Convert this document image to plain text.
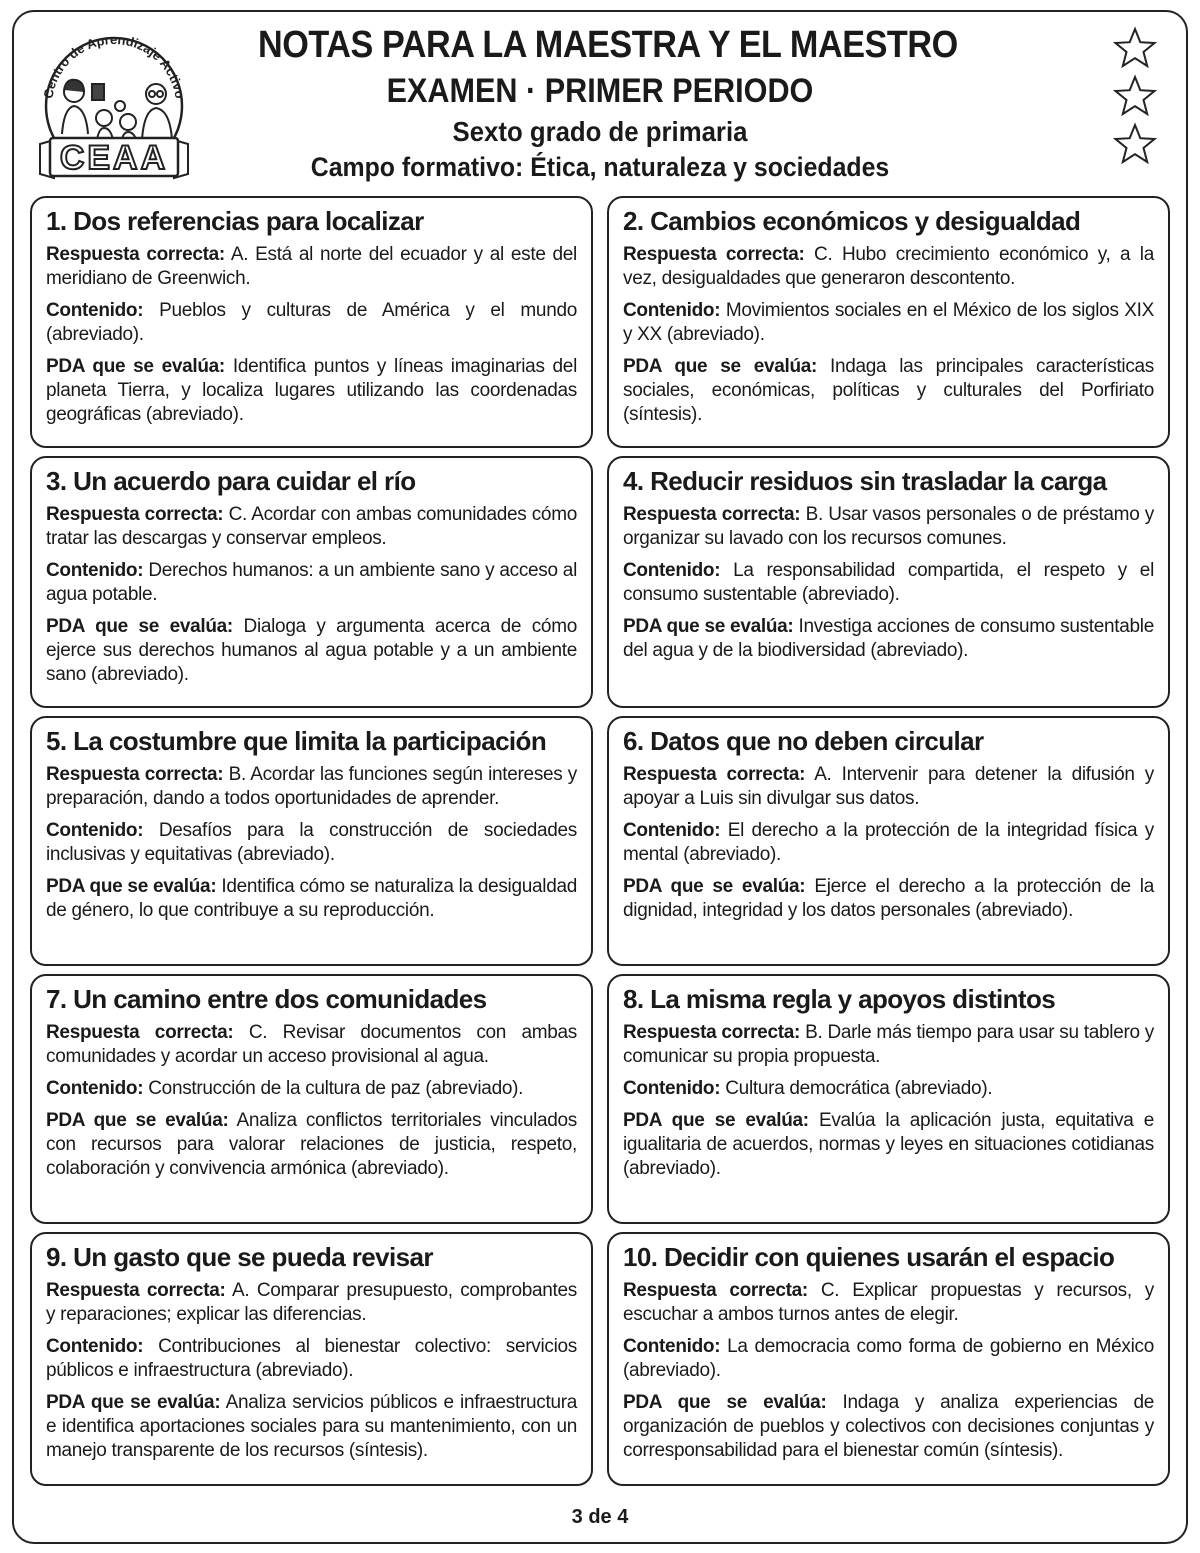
Centro de Aprendizaje Activo
CEAA
NOTAS PARA LA MAESTRA Y EL MAESTRO
EXAMEN · PRIMER PERIODO
Sexto grado de primaria
Campo formativo: Ética, naturaleza y sociedades
1. Dos referencias para localizar
Respuesta correcta: A. Está al norte del ecuador y al este del meridiano de Greenwich.
Contenido: Pueblos y culturas de América y el mundo (abreviado).
PDA que se evalúa: Identifica puntos y líneas imaginarias del planeta Tierra, y localiza lugares utilizando las coordenadas geográficas (abreviado).
2. Cambios económicos y desigualdad
Respuesta correcta: C. Hubo crecimiento económico y, a la vez, desigualdades que generaron descontento.
Contenido: Movimientos sociales en el México de los siglos XIX y XX (abreviado).
PDA que se evalúa: Indaga las principales características sociales, económicas, políticas y culturales del Porfiriato (síntesis).
3. Un acuerdo para cuidar el río
Respuesta correcta: C. Acordar con ambas comunidades cómo tratar las descargas y conservar empleos.
Contenido: Derechos humanos: a un ambiente sano y acceso al agua potable.
PDA que se evalúa: Dialoga y argumenta acerca de cómo ejerce sus derechos humanos al agua potable y a un ambiente sano (abreviado).
4. Reducir residuos sin trasladar la carga
Respuesta correcta: B. Usar vasos personales o de préstamo y organizar su lavado con los recursos comunes.
Contenido: La responsabilidad compartida, el respeto y el consumo sustentable (abreviado).
PDA que se evalúa: Investiga acciones de consumo sustentable del agua y de la biodiversidad (abreviado).
5. La costumbre que limita la participación
Respuesta correcta: B. Acordar las funciones según intereses y preparación, dando a todos oportunidades de aprender.
Contenido: Desafíos para la construcción de sociedades inclusivas y equitativas (abreviado).
PDA que se evalúa: Identifica cómo se naturaliza la desigualdad de género, lo que contribuye a su reproducción.
6. Datos que no deben circular
Respuesta correcta: A. Intervenir para detener la difusión y apoyar a Luis sin divulgar sus datos.
Contenido: El derecho a la protección de la integridad física y mental (abreviado).
PDA que se evalúa: Ejerce el derecho a la protección de la dignidad, integridad y los datos personales (abreviado).
7. Un camino entre dos comunidades
Respuesta correcta: C. Revisar documentos con ambas comunidades y acordar un acceso provisional al agua.
Contenido: Construcción de la cultura de paz (abreviado).
PDA que se evalúa: Analiza conflictos territoriales vinculados con recursos para valorar relaciones de justicia, respeto, colaboración y convivencia armónica (abreviado).
8. La misma regla y apoyos distintos
Respuesta correcta: B. Darle más tiempo para usar su tablero y comunicar su propia propuesta.
Contenido: Cultura democrática (abreviado).
PDA que se evalúa: Evalúa la aplicación justa, equitativa e igualitaria de acuerdos, normas y leyes en situaciones cotidianas (abreviado).
9. Un gasto que se pueda revisar
Respuesta correcta: A. Comparar presupuesto, comprobantes y reparaciones; explicar las diferencias.
Contenido: Contribuciones al bienestar colectivo: servicios públicos e infraestructura (abreviado).
PDA que se evalúa: Analiza servicios públicos e infraestructura e identifica aportaciones sociales para su mantenimiento, con un manejo transparente de los recursos (síntesis).
10. Decidir con quienes usarán el espacio
Respuesta correcta: C. Explicar propuestas y recursos, y escuchar a ambos turnos antes de elegir.
Contenido: La democracia como forma de gobierno en México (abreviado).
PDA que se evalúa: Indaga y analiza experiencias de organización de pueblos y colectivos con decisiones conjuntas y corresponsabilidad para el bienestar común (síntesis).
3 de 4
